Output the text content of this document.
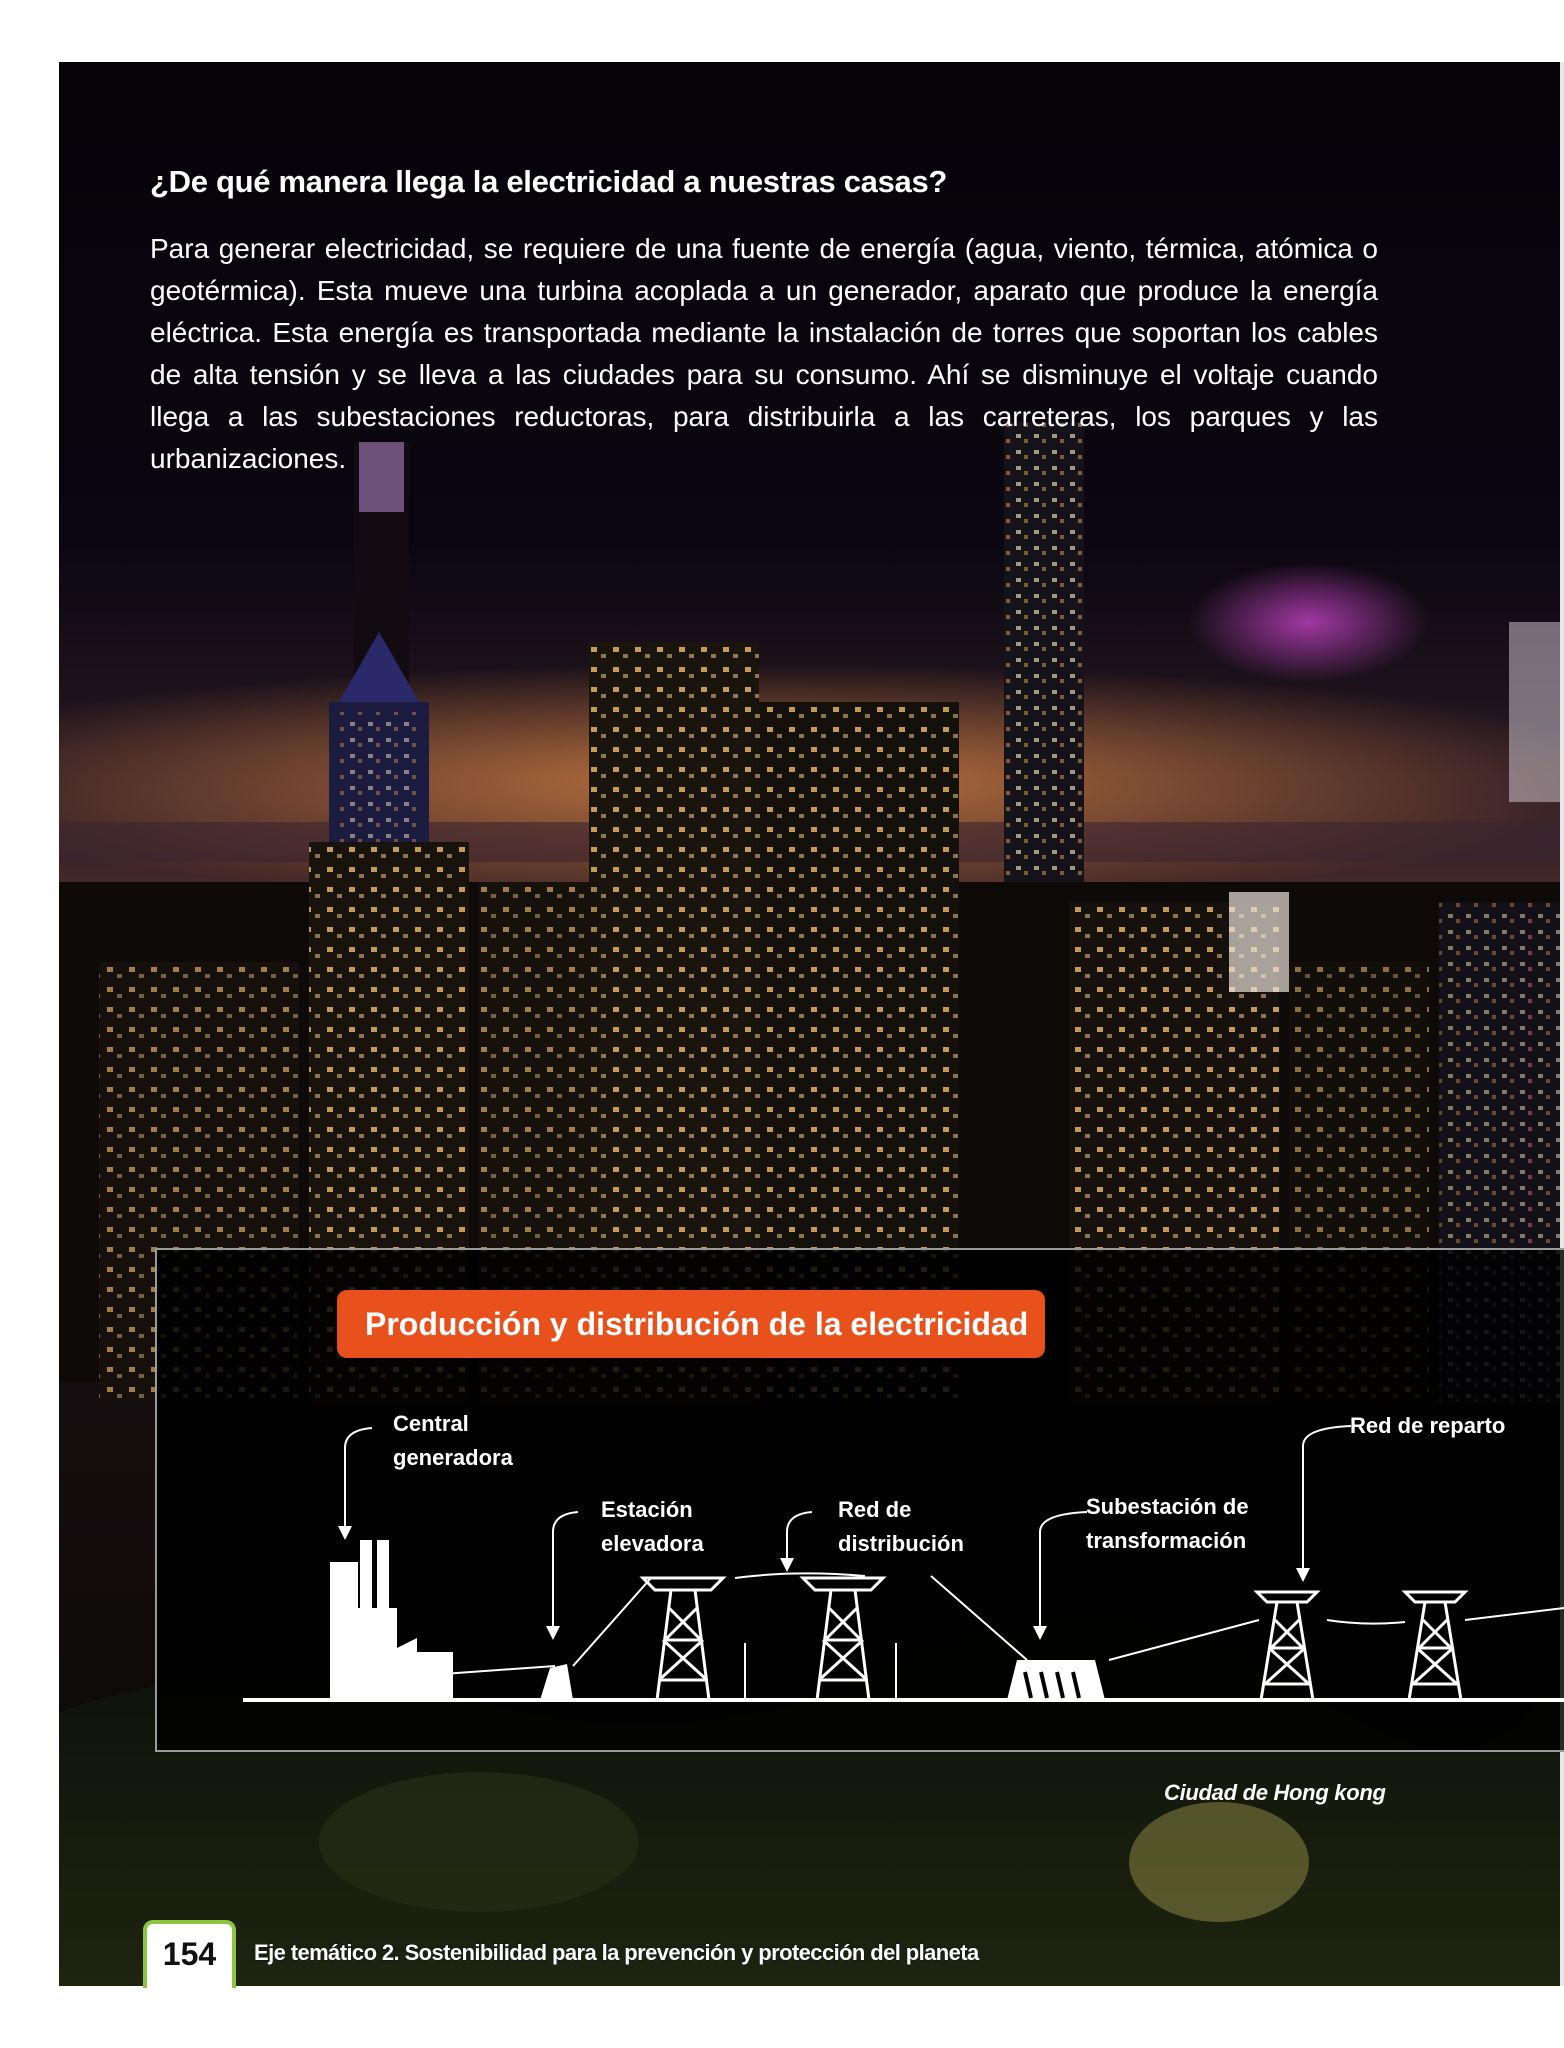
¿De qué manera llega la electricidad a nuestras casas?

Para generar electricidad, se requiere de una fuente de energía (agua, viento, térmica, atómica o geotérmica). Esta mueve una turbina acoplada a un generador, aparato que produce la energía eléctrica. Esta energía es transportada mediante la instalación de torres que soportan los cables de alta tensión y se lleva a las ciudades para su consumo. Ahí se disminuye el voltaje cuando llega a las subestaciones reductoras, para distribuirla a las carreteras, los parques y las urbanizaciones.

Producción y distribución de la electricidad
Central
generadora
Estación
elevadora
Red de
distribución
Subestación de
transformación
Red de reparto
Ciudad de Hong kong
154	Eje temático 2. Sostenibilidad para la prevención y protección del planeta
